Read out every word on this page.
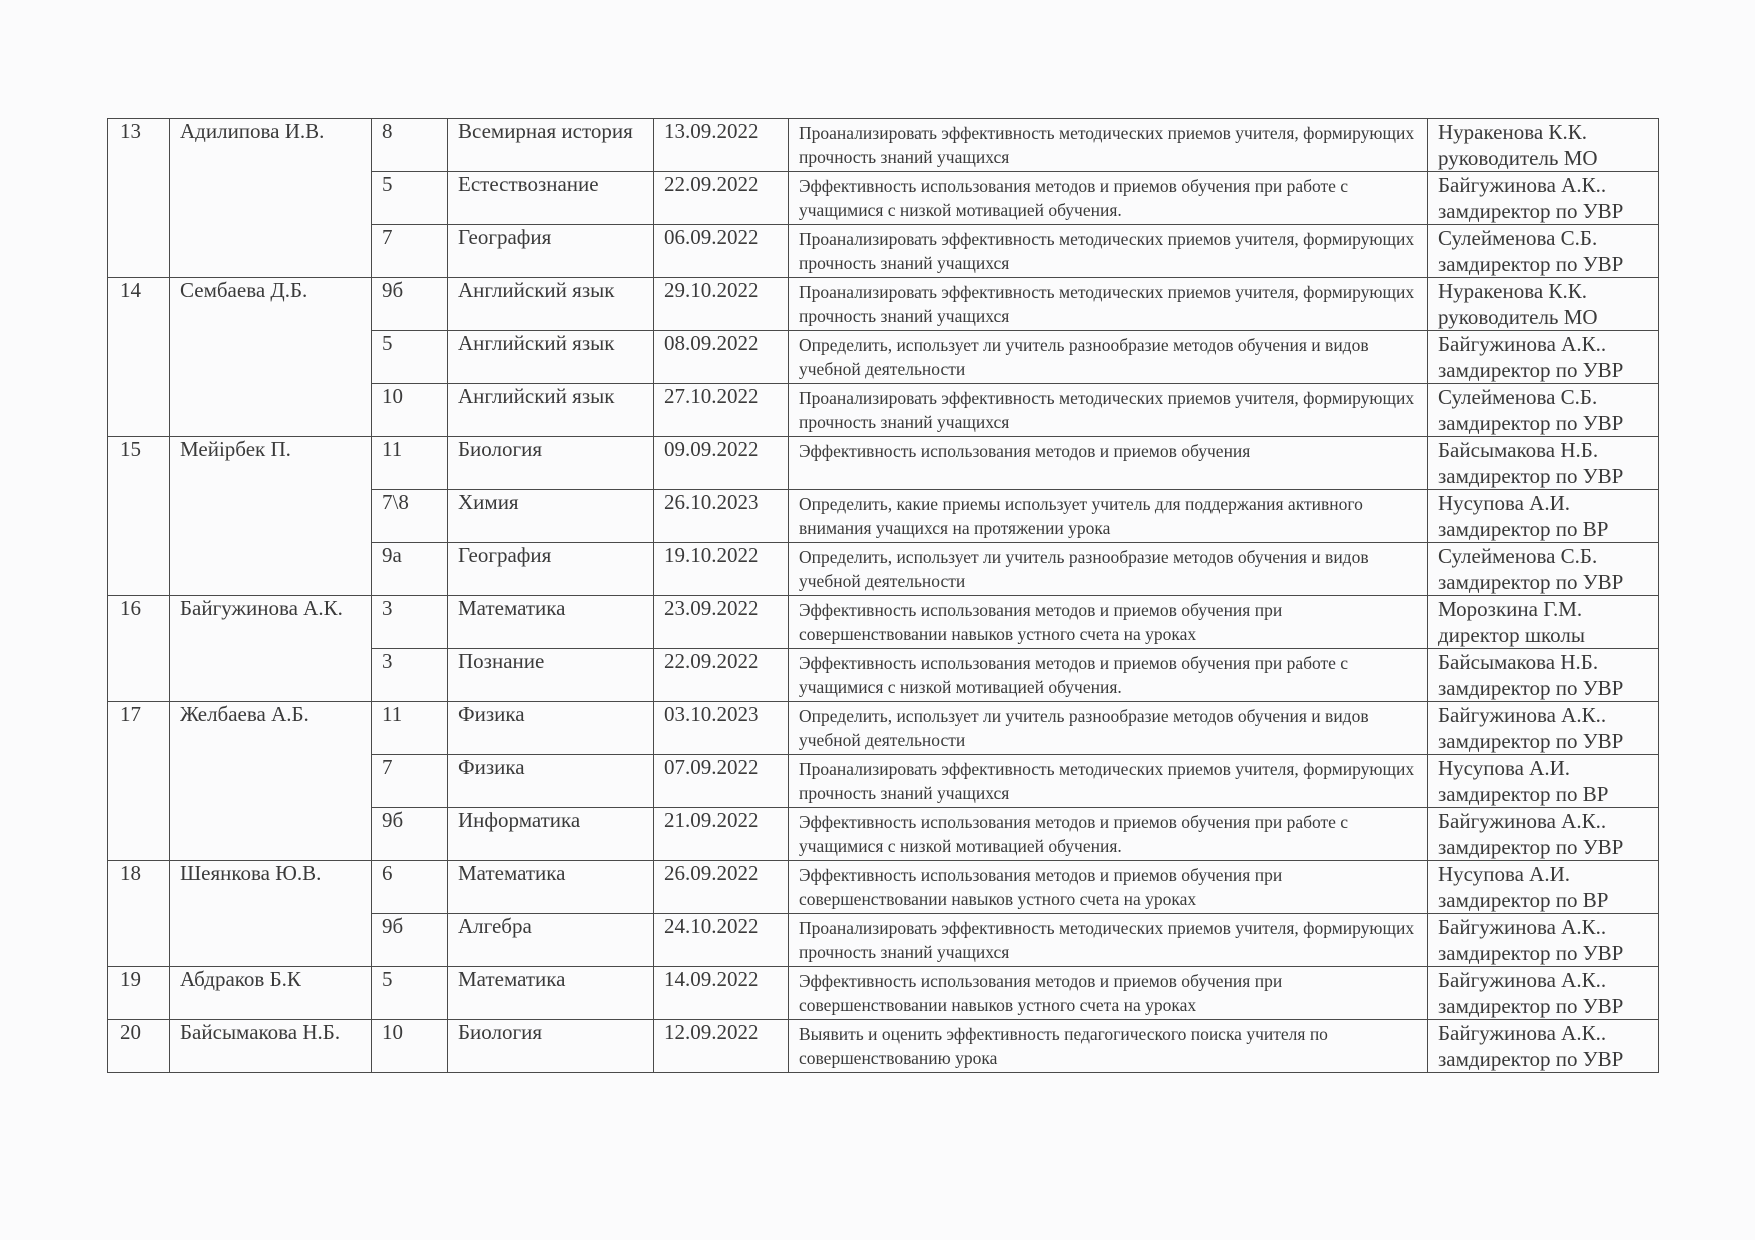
13	Адилипова И.В.	8	Всемирная история	13.09.2022	Проанализировать эффективность методических приемов учителя, формирующих прочность знаний учащихся	Нуракенова К.К.
руководитель МО

		5	Естествознание	22.09.2022	Эффективность использования методов и приемов обучения при работе с учащимися с низкой мотивацией обучения.	Байгужинова А.К..
замдиректор по УВР

		7	География	06.09.2022	Проанализировать эффективность методических приемов учителя, формирующих прочность знаний учащихся	Сулейменова С.Б.
замдиректор по УВР

14	Сембаева Д.Б.	9б	Английский язык	29.10.2022	Проанализировать эффективность методических приемов учителя, формирующих прочность знаний учащихся	Нуракенова К.К.
руководитель МО

		5	Английский язык	08.09.2022	Определить, использует ли учитель разнообразие методов обучения и видов учебной деятельности	Байгужинова А.К..
замдиректор по УВР

		10	Английский язык	27.10.2022	Проанализировать эффективность методических приемов учителя, формирующих прочность знаний учащихся	Сулейменова С.Б.
замдиректор по УВР

15	Мейірбек П.	11	Биология	09.09.2022	Эффективность использования методов и приемов обучения	Байсымакова Н.Б.
замдиректор по УВР

		7\8	Химия	26.10.2023	Определить, какие приемы использует учитель для поддержания активного внимания учащихся на протяжении урока	Нусупова А.И.
замдиректор по ВР

		9а	География	19.10.2022	Определить, использует ли учитель разнообразие методов обучения и видов учебной деятельности	Сулейменова С.Б.
замдиректор по УВР

16	Байгужинова А.К.	3	Математика	23.09.2022	Эффективность использования методов и приемов обучения при совершенствовании навыков устного счета на уроках	Морозкина Г.М.
директор школы

		3	Познание	22.09.2022	Эффективность использования методов и приемов обучения при работе с учащимися с низкой мотивацией обучения.	Байсымакова Н.Б.
замдиректор по УВР

17	Желбаева А.Б.	11	Физика	03.10.2023	Определить, использует ли учитель разнообразие методов обучения и видов учебной деятельности	Байгужинова А.К..
замдиректор по УВР

		7	Физика	07.09.2022	Проанализировать эффективность методических приемов учителя, формирующих прочность знаний учащихся	Нусупова А.И.
замдиректор по ВР

		9б	Информатика	21.09.2022	Эффективность использования методов и приемов обучения при работе с учащимися с низкой мотивацией обучения.	Байгужинова А.К..
замдиректор по УВР

18	Шеянкова Ю.В.	6	Математика	26.09.2022	Эффективность использования методов и приемов обучения при совершенствовании навыков устного счета на уроках	Нусупова А.И.
замдиректор по ВР

		9б	Алгебра	24.10.2022	Проанализировать эффективность методических приемов учителя, формирующих прочность знаний учащихся	Байгужинова А.К..
замдиректор по УВР

19	Абдраков Б.К	5	Математика	14.09.2022	Эффективность использования методов и приемов обучения при совершенствовании навыков устного счета на уроках	Байгужинова А.К..
замдиректор по УВР

20	Байсымакова Н.Б.	10	Биология	12.09.2022	Выявить и оценить эффективность педагогического поиска учителя по совершенствованию урока	Байгужинова А.К..
замдиректор по УВР
